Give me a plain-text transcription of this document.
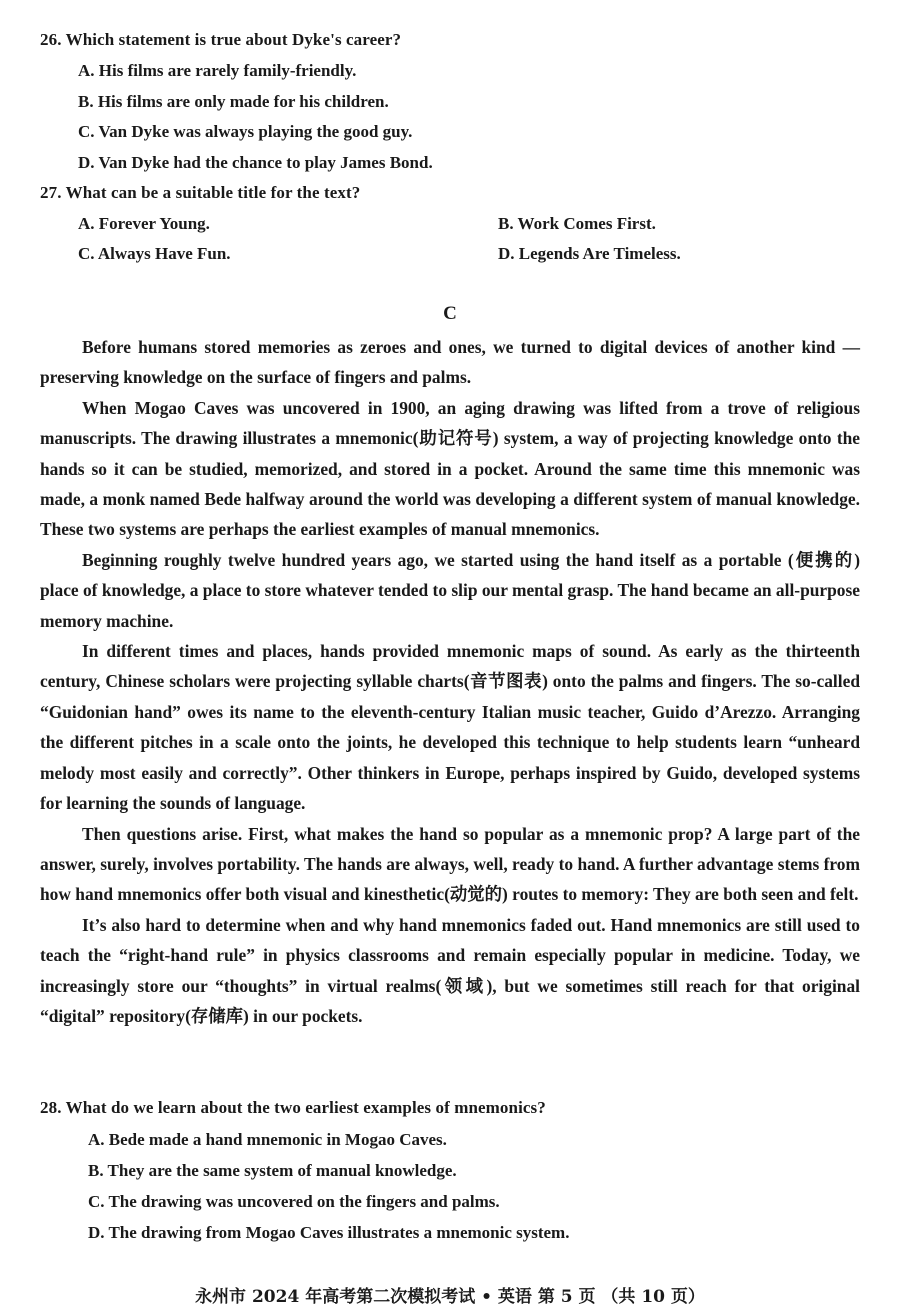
26. Which statement is true about Dyke's career?
A. His films are rarely family-friendly.
B. His films are only made for his children.
C. Van Dyke was always playing the good guy.
D. Van Dyke had the chance to play James Bond.
27. What can be a suitable title for the text?
A. Forever Young.	B. Work Comes First.
C. Always Have Fun.	D. Legends Are Timeless.
C

Before humans stored memories as zeroes and ones, we turned to digital devices of another kind — preserving knowledge on the surface of fingers and palms.

When Mogao Caves was uncovered in 1900, an aging drawing was lifted from a trove of religious manuscripts. The drawing illustrates a mnemonic(助记符号) system, a way of projecting knowledge onto the hands so it can be studied, memorized, and stored in a pocket. Around the same time this mnemonic was made, a monk named Bede halfway around the world was developing a different system of manual knowledge. These two systems are perhaps the earliest examples of manual mnemonics.

Beginning roughly twelve hundred years ago, we started using the hand itself as a portable (便携的) place of knowledge, a place to store whatever tended to slip our mental grasp. The hand became an all-purpose memory machine.

In different times and places, hands provided mnemonic maps of sound. As early as the thirteenth century, Chinese scholars were projecting syllable charts(音节图表) onto the palms and fingers. The so-called “Guidonian hand” owes its name to the eleventh-century Italian music teacher, Guido d’Arezzo. Arranging the different pitches in a scale onto the joints, he developed this technique to help students learn “unheard melody most easily and correctly”. Other thinkers in Europe, perhaps inspired by Guido, developed systems for learning the sounds of language.

Then questions arise. First, what makes the hand so popular as a mnemonic prop? A large part of the answer, surely, involves portability. The hands are always, well, ready to hand. A further advantage stems from how hand mnemonics offer both visual and kinesthetic(动觉的) routes to memory: They are both seen and felt.

It’s also hard to determine when and why hand mnemonics faded out. Hand mnemonics are still used to teach the “right-hand rule” in physics classrooms and remain especially popular in medicine. Today, we increasingly store our “thoughts” in virtual realms(领域), but we sometimes still reach for that original “digital” repository(存储库) in our pockets.

28. What do we learn about the two earliest examples of mnemonics?
A. Bede made a hand mnemonic in Mogao Caves.
B. They are the same system of manual knowledge.
C. The drawing was uncovered on the fingers and palms.
D. The drawing from Mogao Caves illustrates a mnemonic system.
永州市 2024 年高考第二次模拟考试 • 英语 第 5 页 （共 10 页）
